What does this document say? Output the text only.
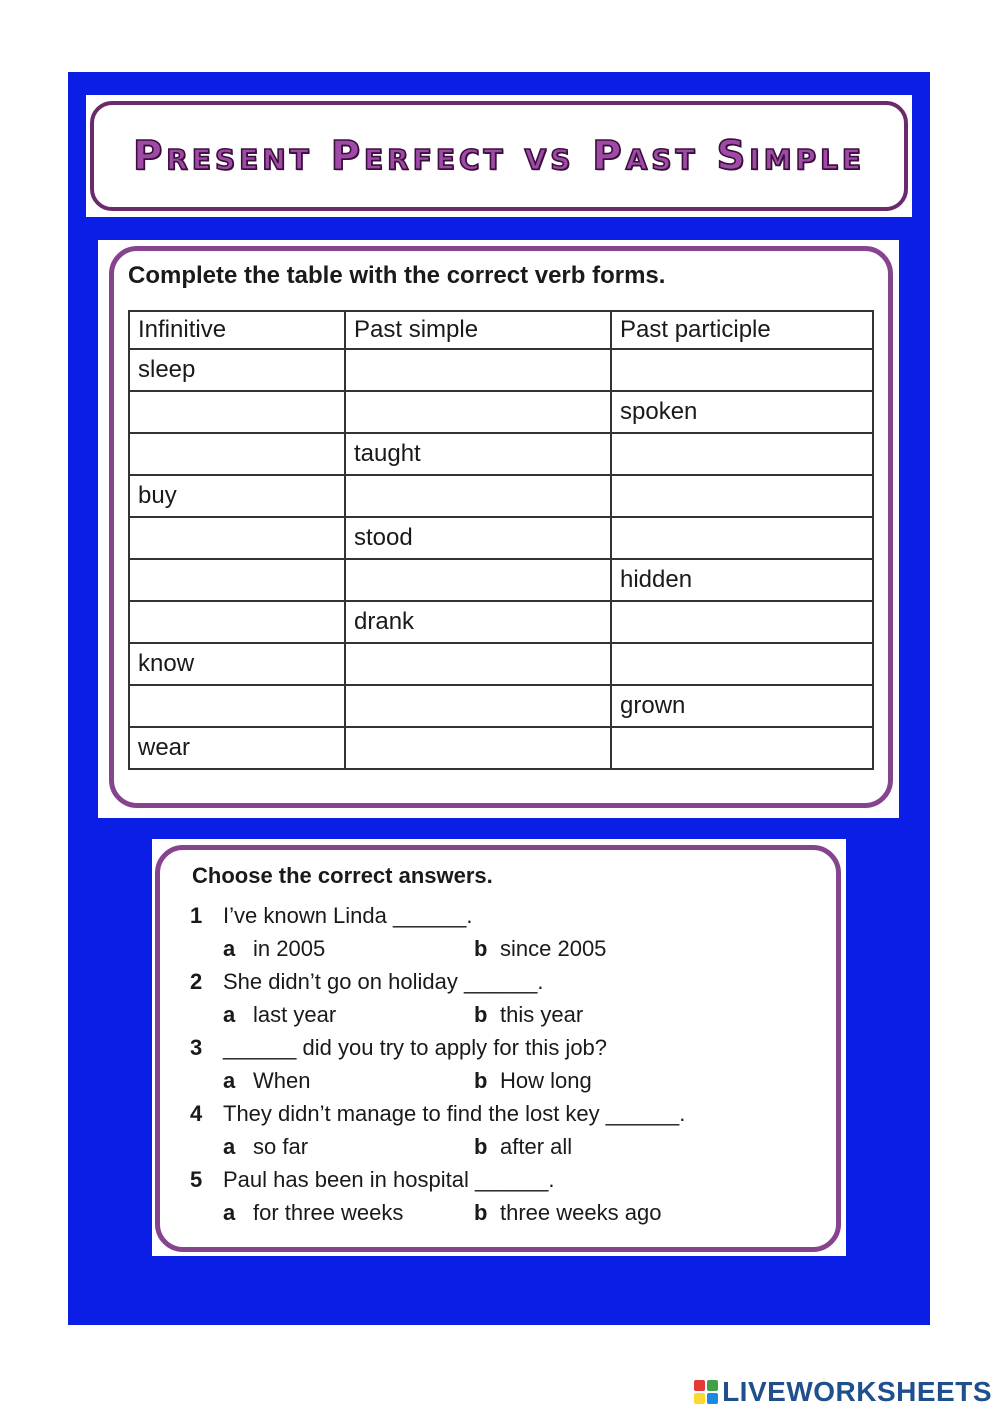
Present Perfect vs Past Simple
Complete the table with the correct verb forms.
Infinitive	Past simple	Past participle
sleep		
		spoken
	taught	
buy		
	stood	
		hidden
	drank	
know		
		grown
wear		
Choose the correct answers.
1 I’ve known Linda ______.
a in 2005	b since 2005
2 She didn’t go on holiday ______.
a last year	b this year
3 ______ did you try to apply for this job?
a When	b How long
4 They didn’t manage to find the lost key ______.
a so far	b after all
5 Paul has been in hospital ______.
a for three weeks	b three weeks ago
LIVEWORKSHEETS
